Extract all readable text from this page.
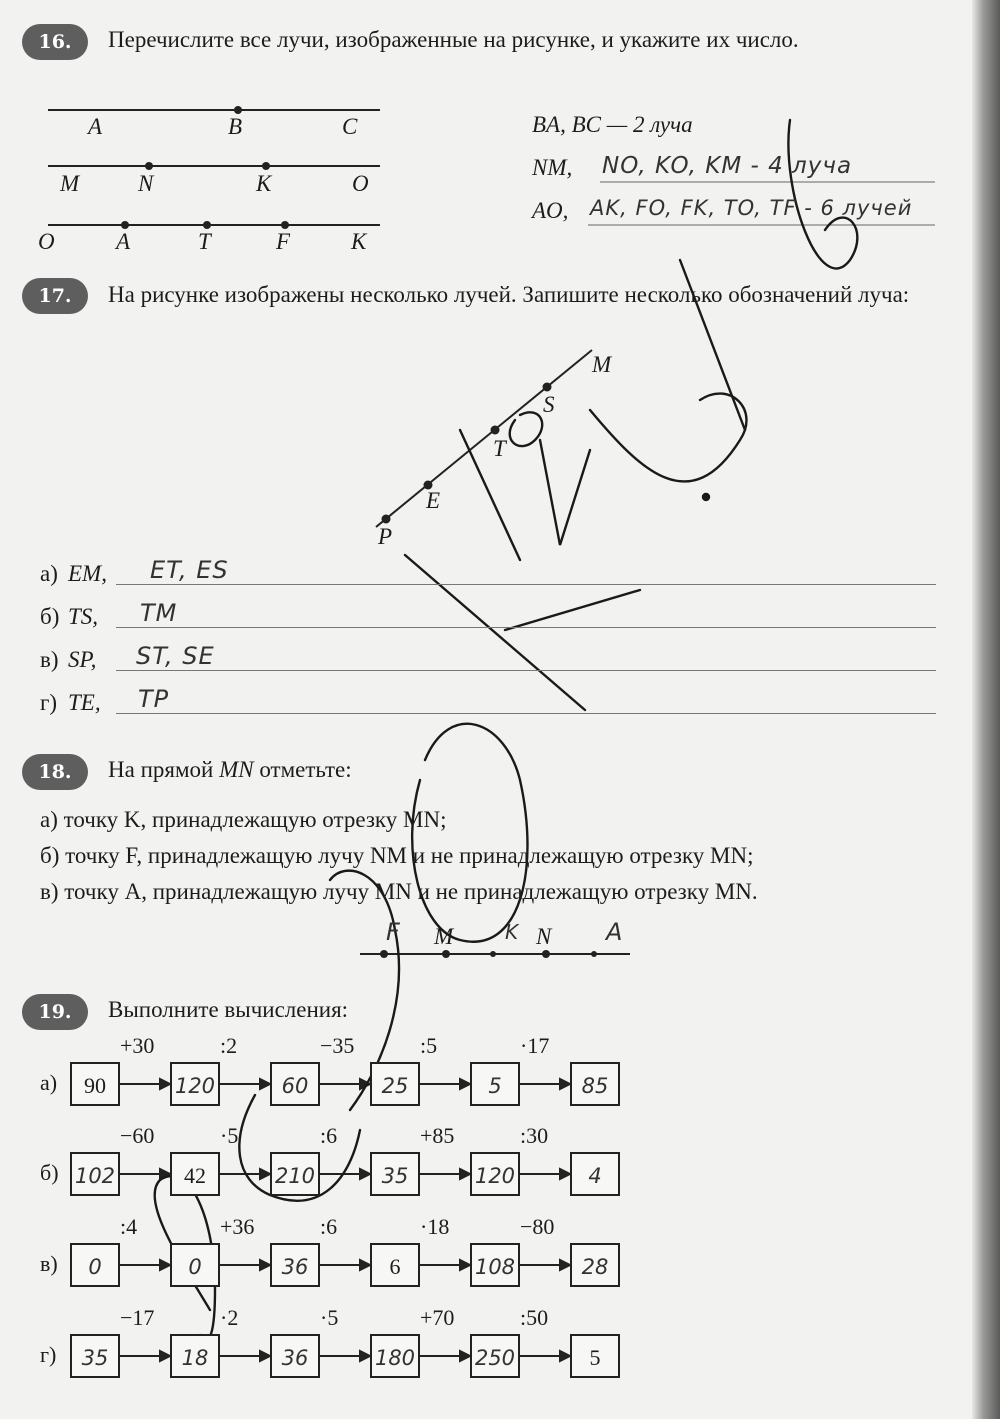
16.	Перечислите все лучи, изображенные на рисунке, и укажите их число.
A	B	C
M	N	K	O
O	A	T	F	K
BA, BC — 2 луча
NM, NO, KO, KM - 4 луча
AO, AK, FO, FK, TO, TF - 6 лучей
17.	На рисунке изображены несколько лучей. Запишите несколько обозначений луча:
P
E
T
S
M
а) EM, ET, ES
б) TS, TM
в) SP, ST, SE
г) TE, TP
18.	На прямой MN отметьте:
а) точку K, принадлежащую отрезку MN;
б) точку F, принадлежащую лучу NM и не принадлежащую отрезку MN;
в) точку A, принадлежащую лучу MN и не принадлежащую отрезку MN.
F M	K N A
19.	Выполните вычисления:
а)	90	120	60	25	5	85
+30	:2	−35	:5	·17
б) 102	42	210	35	120	4
−60	·5	:6	+85	:30
в)	0	0	36	6	108	28
:4	+36	:6	·18	−80
г)	35	18	36	180	250	5
−17	·2	·5	+70	:50
